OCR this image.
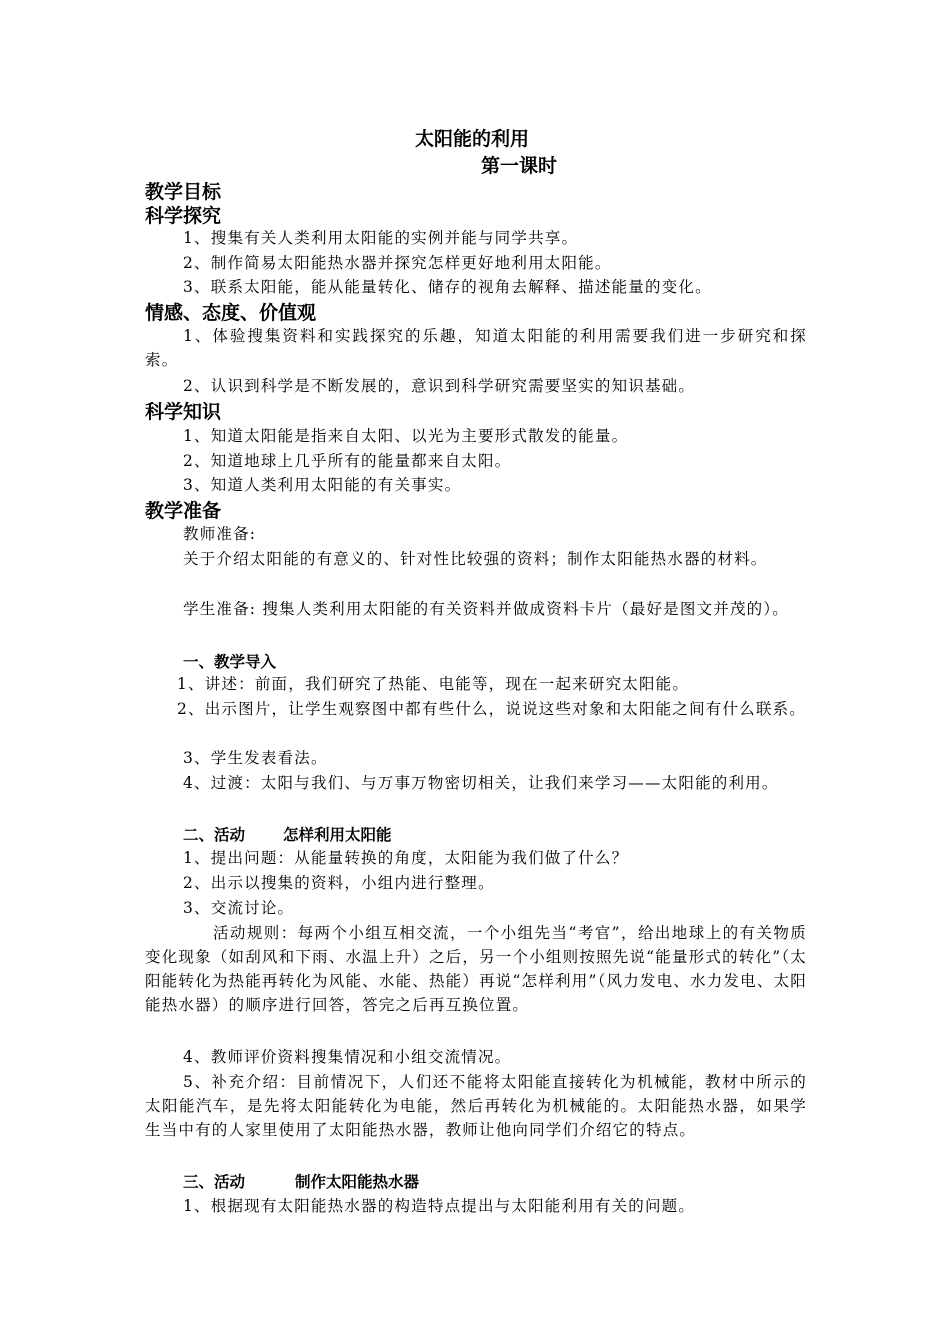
太阳能的利用
第一课时
教学目标
科学探究
1、搜集有关人类利用太阳能的实例并能与同学共享。
2、制作简易太阳能热水器并探究怎样更好地利用太阳能。
3、联系太阳能，能从能量转化、储存的视角去解释、描述能量的变化。
情感、态度、价值观
1、体验搜集资料和实践探究的乐趣，知道太阳能的利用需要我们进一步研究和探索。
2、认识到科学是不断发展的，意识到科学研究需要坚实的知识基础。
科学知识
1、知道太阳能是指来自太阳、以光为主要形式散发的能量。
2、知道地球上几乎所有的能量都来自太阳。
3、知道人类利用太阳能的有关事实。
教学准备
教师准备:
关于介绍太阳能的有意义的、针对性比较强的资料；制作太阳能热水器的材料。
学生准备: 搜集人类利用太阳能的有关资料并做成资料卡片（最好是图文并茂的）。
一、教学导入
1、讲述：前面，我们研究了热能、电能等，现在一起来研究太阳能。
2、出示图片，让学生观察图中都有些什么，说说这些对象和太阳能之间有什么联系。
3、学生发表看法。
4、过渡：太阳与我们、与万事万物密切相关，让我们来学习——太阳能的利用。
二、活动 怎样利用太阳能
1、提出问题：从能量转换的角度，太阳能为我们做了什么？
2、出示以搜集的资料，小组内进行整理。
3、交流讨论。
活动规则：每两个小组互相交流，一个小组先当“考官”，给出地球上的有关物质变化现象（如刮风和下雨、水温上升）之后，另一个小组则按照先说“能量形式的转化”（太阳能转化为热能再转化为风能、水能、热能）再说“怎样利用”（风力发电、水力发电、太阳能热水器）的顺序进行回答，答完之后再互换位置。
4、教师评价资料搜集情况和小组交流情况。
5、补充介绍：目前情况下，人们还不能将太阳能直接转化为机械能，教材中所示的太阳能汽车，是先将太阳能转化为电能，然后再转化为机械能的。太阳能热水器，如果学生当中有的人家里使用了太阳能热水器，教师让他向同学们介绍它的特点。
三、活动	制作太阳能热水器
1、根据现有太阳能热水器的构造特点提出与太阳能利用有关的问题。
